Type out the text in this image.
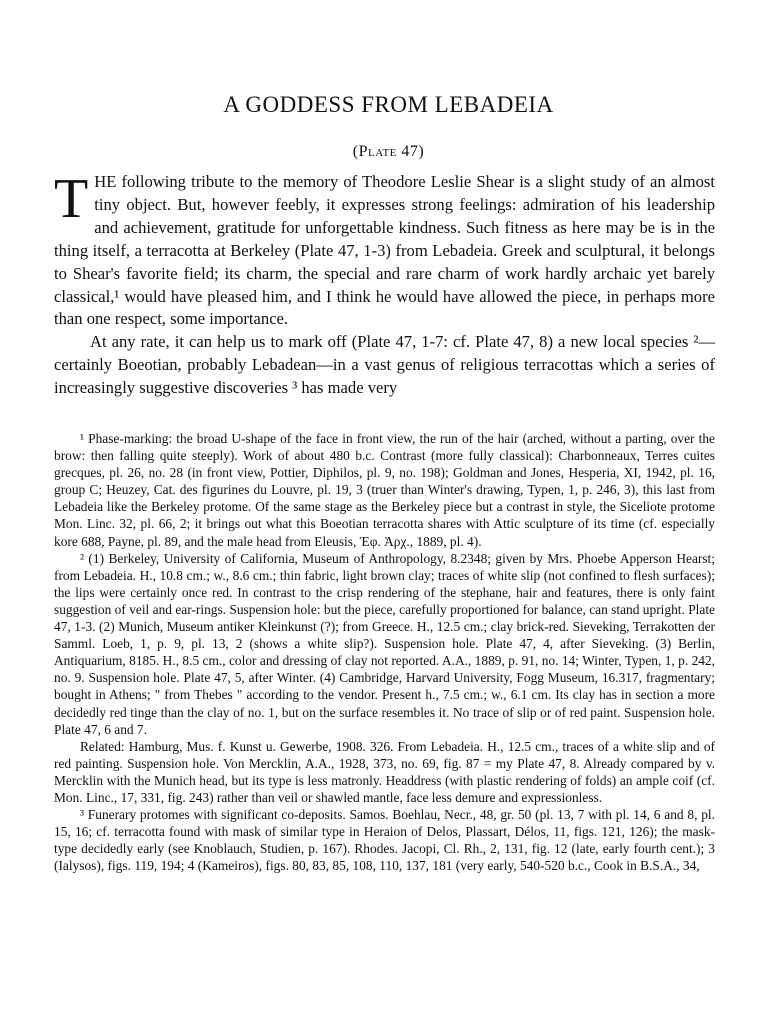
A GODDESS FROM LEBADEIA
(Plate 47)

THE following tribute to the memory of Theodore Leslie Shear is a slight study of an almost tiny object. But, however feebly, it expresses strong feelings: admiration of his leadership and achievement, gratitude for unforgettable kindness. Such fitness as here may be is in the thing itself, a terracotta at Berkeley (Plate 47, 1-3) from Lebadeia. Greek and sculptural, it belongs to Shear's favorite field; its charm, the special and rare charm of work hardly archaic yet barely classical,¹ would have pleased him, and I think he would have allowed the piece, in perhaps more than one respect, some importance.

At any rate, it can help us to mark off (Plate 47, 1-7: cf. Plate 47, 8) a new local species ²—certainly Boeotian, probably Lebadean—in a vast genus of religious terracottas which a series of increasingly suggestive discoveries ³ has made very

¹ Phase-marking: the broad U-shape of the face in front view, the run of the hair (arched, without a parting, over the brow: then falling quite steeply). Work of about 480 b.c. Contrast (more fully classical): Charbonneaux, Terres cuites grecques, pl. 26, no. 28 (in front view, Pottier, Diphilos, pl. 9, no. 198); Goldman and Jones, Hesperia, XI, 1942, pl. 16, group C; Heuzey, Cat. des figurines du Louvre, pl. 19, 3 (truer than Winter's drawing, Typen, 1, p. 246, 3), this last from Lebadeia like the Berkeley protome. Of the same stage as the Berkeley piece but a contrast in style, the Siceliote protome Mon. Linc. 32, pl. 66, 2; it brings out what this Boeotian terracotta shares with Attic sculpture of its time (cf. especially kore 688, Payne, pl. 89, and the male head from Eleusis, Ἐφ. Ἀρχ., 1889, pl. 4).

² (1) Berkeley, University of California, Museum of Anthropology, 8.2348; given by Mrs. Phoebe Apperson Hearst; from Lebadeia. H., 10.8 cm.; w., 8.6 cm.; thin fabric, light brown clay; traces of white slip (not confined to flesh surfaces); the lips were certainly once red. In contrast to the crisp rendering of the stephane, hair and features, there is only faint suggestion of veil and ear-rings. Suspension hole: but the piece, carefully proportioned for balance, can stand upright. Plate 47, 1-3. (2) Munich, Museum antiker Kleinkunst (?); from Greece. H., 12.5 cm.; clay brick-red. Sieveking, Terrakotten der Samml. Loeb, 1, p. 9, pl. 13, 2 (shows a white slip?). Suspension hole. Plate 47, 4, after Sieveking. (3) Berlin, Antiquarium, 8185. H., 8.5 cm., color and dressing of clay not reported. A.A., 1889, p. 91, no. 14; Winter, Typen, 1, p. 242, no. 9. Suspension hole. Plate 47, 5, after Winter. (4) Cambridge, Harvard University, Fogg Museum, 16.317, fragmentary; bought in Athens; " from Thebes " according to the vendor. Present h., 7.5 cm.; w., 6.1 cm. Its clay has in section a more decidedly red tinge than the clay of no. 1, but on the surface resembles it. No trace of slip or of red paint. Suspension hole. Plate 47, 6 and 7.

Related: Hamburg, Mus. f. Kunst u. Gewerbe, 1908. 326. From Lebadeia. H., 12.5 cm., traces of a white slip and of red painting. Suspension hole. Von Mercklin, A.A., 1928, 373, no. 69, fig. 87 = my Plate 47, 8. Already compared by v. Mercklin with the Munich head, but its type is less matronly. Headdress (with plastic rendering of folds) an ample coif (cf. Mon. Linc., 17, 331, fig. 243) rather than veil or shawled mantle, face less demure and expressionless.

³ Funerary protomes with significant co-deposits. Samos. Boehlau, Necr., 48, gr. 50 (pl. 13, 7 with pl. 14, 6 and 8, pl. 15, 16; cf. terracotta found with mask of similar type in Heraion of Delos, Plassart, Délos, 11, figs. 121, 126); the mask-type decidedly early (see Knoblauch, Studien, p. 167). Rhodes. Jacopi, Cl. Rh., 2, 131, fig. 12 (late, early fourth cent.); 3 (Ialysos), figs. 119, 194; 4 (Kameiros), figs. 80, 83, 85, 108, 110, 137, 181 (very early, 540-520 b.c., Cook in B.S.A., 34,
